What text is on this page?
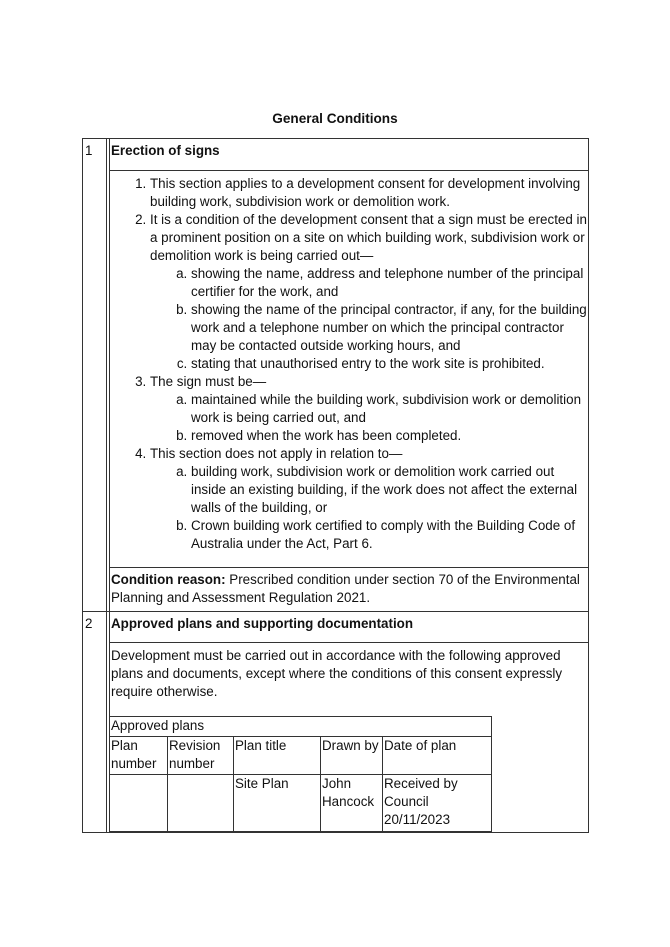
General Conditions
1 Erection of signs
1. This section applies to a development consent for development involving building work, subdivision work or demolition work.
2. It is a condition of the development consent that a sign must be erected in a prominent position on a site on which building work, subdivision work or demolition work is being carried out—
a. showing the name, address and telephone number of the principal certifier for the work, and
b. showing the name of the principal contractor, if any, for the building work and a telephone number on which the principal contractor may be contacted outside working hours, and
c. stating that unauthorised entry to the work site is prohibited.
3. The sign must be—
a. maintained while the building work, subdivision work or demolition work is being carried out, and
b. removed when the work has been completed.
4. This section does not apply in relation to—
a. building work, subdivision work or demolition work carried out inside an existing building, if the work does not affect the external walls of the building, or
b. Crown building work certified to comply with the Building Code of Australia under the Act, Part 6.
Condition reason: Prescribed condition under section 70 of the Environmental Planning and Assessment Regulation 2021.
2 Approved plans and supporting documentation
Development must be carried out in accordance with the following approved plans and documents, except where the conditions of this consent expressly require otherwise.
Approved plans				
Plan number	Revision number	Plan title	Drawn by	Date of plan
		Site Plan	John Hancock	Received by Council 20/11/2023
